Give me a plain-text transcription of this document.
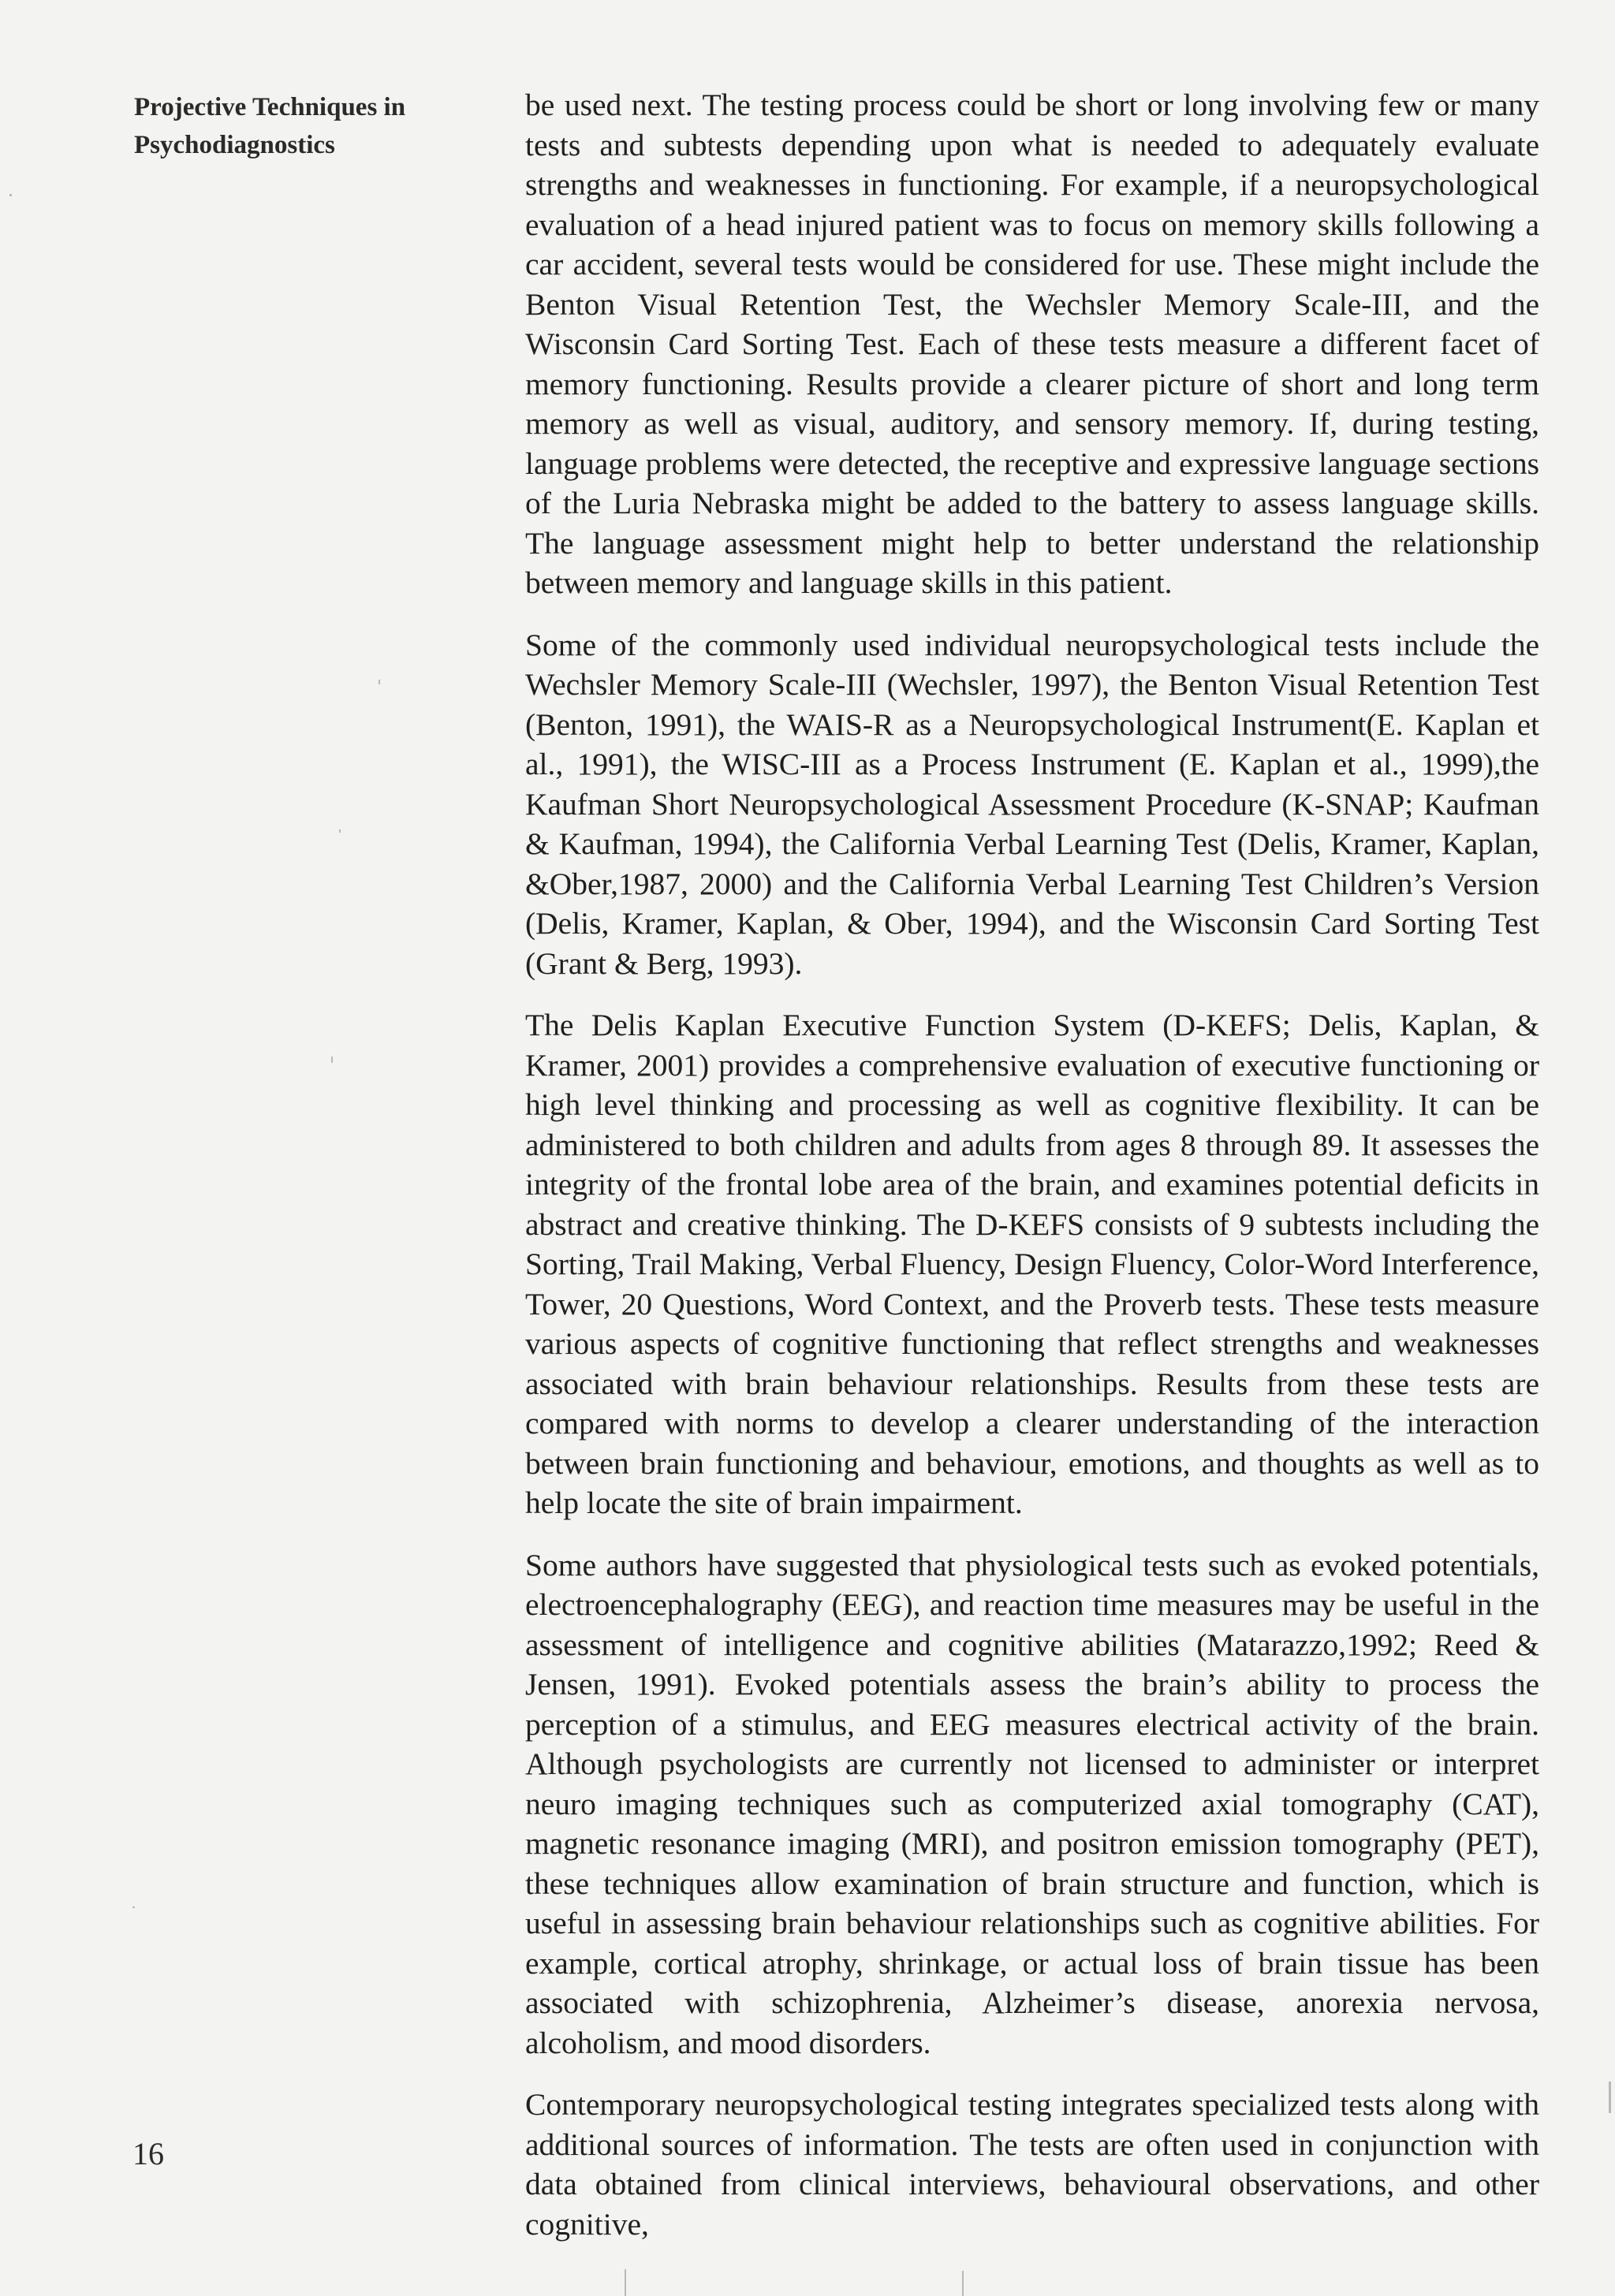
Projective Techniques in Psychodiagnostics

be used next. The testing process could be short or long involving few or many tests and subtests depending upon what is needed to adequately evaluate strengths and weaknesses in functioning. For example, if a neuropsychological evaluation of a head injured patient was to focus on memory skills following a car accident, several tests would be considered for use. These might include the Benton Visual Retention Test, the Wechsler Memory Scale-III, and the Wisconsin Card Sorting Test. Each of these tests measure a different facet of memory functioning. Results provide a clearer picture of short and long term memory as well as visual, auditory, and sensory memory. If, during testing, language problems were detected, the receptive and expressive language sections of the Luria Nebraska might be added to the battery to assess language skills. The language assessment might help to better understand the relationship between memory and language skills in this patient.

Some of the commonly used individual neuropsychological tests include the Wechsler Memory Scale-III (Wechsler, 1997), the Benton Visual Retention Test (Benton, 1991), the WAIS-R as a Neuropsychological Instrument(E. Kaplan et al., 1991), the WISC-III as a Process Instrument (E. Kaplan et al., 1999),the Kaufman Short Neuropsychological Assessment Procedure (K-SNAP; Kaufman & Kaufman, 1994), the California Verbal Learning Test (Delis, Kramer, Kaplan, &Ober,1987, 2000) and the California Verbal Learning Test Children’s Version (Delis, Kramer, Kaplan, & Ober, 1994), and the Wisconsin Card Sorting Test (Grant & Berg, 1993).

The Delis Kaplan Executive Function System (D-KEFS; Delis, Kaplan, & Kramer, 2001) provides a comprehensive evaluation of executive functioning or high level thinking and processing as well as cognitive flexibility. It can be administered to both children and adults from ages 8 through 89. It assesses the integrity of the frontal lobe area of the brain, and examines potential deficits in abstract and creative thinking. The D-KEFS consists of 9 subtests including the Sorting, Trail Making, Verbal Fluency, Design Fluency, Color-Word Interference, Tower, 20 Questions, Word Context, and the Proverb tests. These tests measure various aspects of cognitive functioning that reflect strengths and weaknesses associated with brain behaviour relationships. Results from these tests are compared with norms to develop a clearer understanding of the interaction between brain functioning and behaviour, emotions, and thoughts as well as to help locate the site of brain impairment.

Some authors have suggested that physiological tests such as evoked potentials, electroencephalography (EEG), and reaction time measures may be useful in the assessment of intelligence and cognitive abilities (Matarazzo,1992; Reed & Jensen, 1991). Evoked potentials assess the brain’s ability to process the perception of a stimulus, and EEG measures electrical activity of the brain. Although psychologists are currently not licensed to administer or interpret neuro imaging techniques such as computerized axial tomography (CAT), magnetic resonance imaging (MRI), and positron emission tomography (PET), these techniques allow examination of brain structure and function, which is useful in assessing brain behaviour relationships such as cognitive abilities. For example, cortical atrophy, shrinkage, or actual loss of brain tissue has been associated with schizophrenia, Alzheimer’s disease, anorexia nervosa, alcoholism, and mood disorders.

Contemporary neuropsychological testing integrates specialized tests along with additional sources of information. The tests are often used in conjunction with data obtained from clinical interviews, behavioural observations, and other cognitive,

16
